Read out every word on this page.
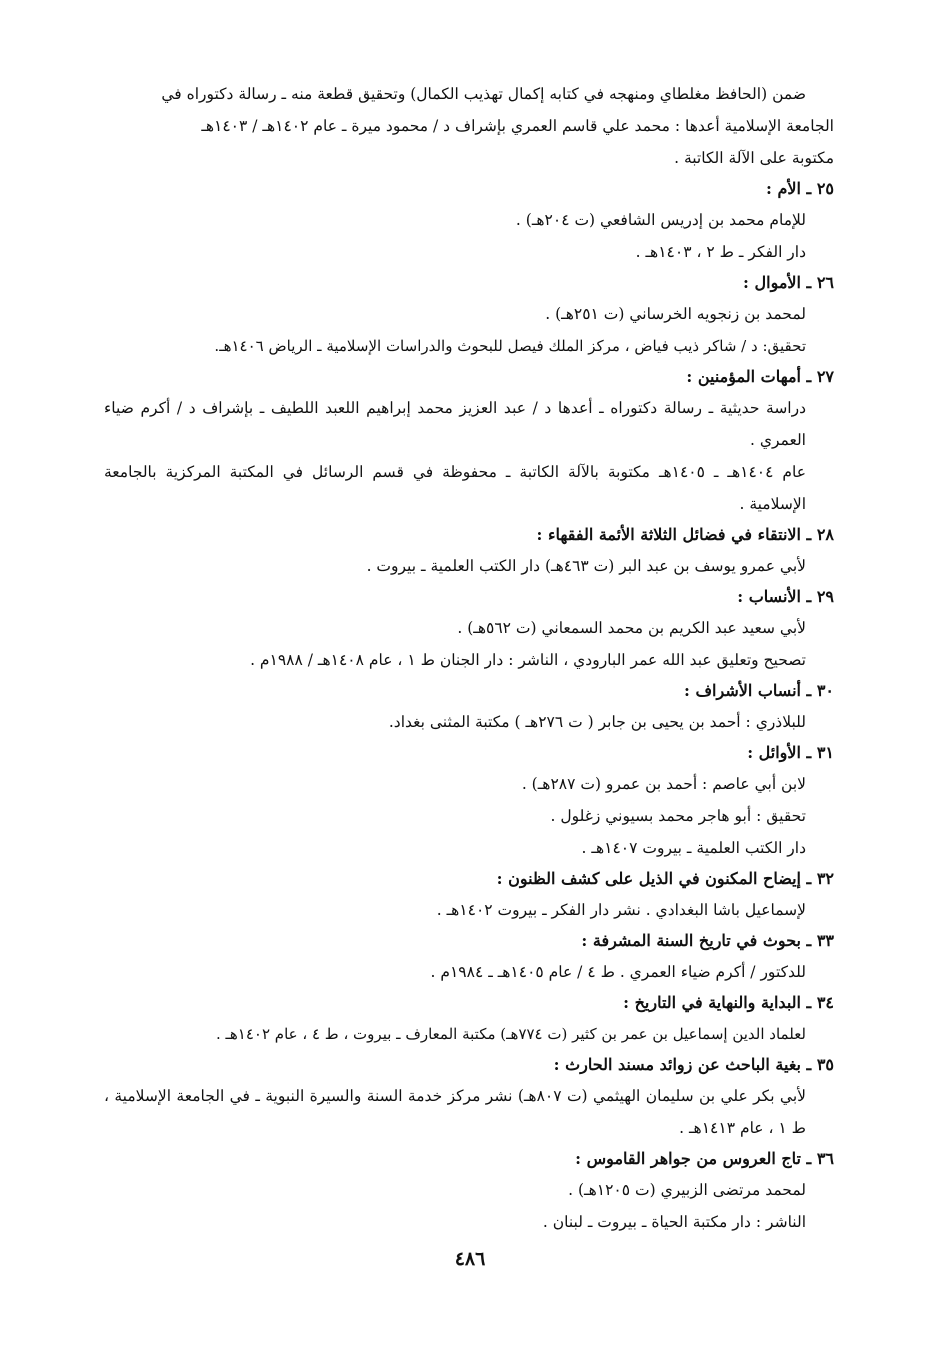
ضمن (الحافظ مغلطاي ومنهجه في كتابه إكمال تهذيب الكمال) وتحقيق قطعة منه ـ رسالة دكتوراه في
الجامعة الإسلامية أعدها : محمد علي قاسم العمري بإشراف د / محمود ميرة ـ عام ١٤٠٢هـ / ١٤٠٣هـ
مكتوبة على الآلة الكاتبة .
٢٥ ـ الأم :
للإمام محمد بن إدريس الشافعي (ت ٢٠٤هـ) .
دار الفكر ـ ط ٢ ، ١٤٠٣هـ .
٢٦ ـ الأموال :
لمحمد بن زنجويه الخرساني (ت ٢٥١هـ) .
تحقيق: د / شاكر ذيب فياض ، مركز الملك فيصل للبحوث والدراسات الإسلامية ـ الرياض ١٤٠٦هـ.
٢٧ ـ أمهات المؤمنين :
دراسة حديثية ـ رسالة دكتوراه ـ أعدها د / عبد العزيز محمد إبراهيم اللعبد اللطيف ـ بإشراف د / أكرم ضياء العمري .
عام ١٤٠٤هـ ـ ١٤٠٥هـ مكتوبة بالآلة الكاتبة ـ محفوظة في قسم الرسائل في المكتبة المركزية بالجامعة الإسلامية .
٢٨ ـ الانتقاء في فضائل الثلاثة الأئمة الفقهاء :
لأبي عمرو يوسف بن عبد البر (ت ٤٦٣هـ) دار الكتب العلمية ـ بيروت .
٢٩ ـ الأنساب :
لأبي سعيد عبد الكريم بن محمد السمعاني (ت ٥٦٢هـ) .
تصحيح وتعليق عبد الله عمر البارودي ، الناشر : دار الجنان ط ١ ، عام ١٤٠٨هـ / ١٩٨٨م .
٣٠ ـ أنساب الأشراف :
للبلاذري : أحمد بن يحيى بن جابر ( ت ٢٧٦هـ ) مكتبة المثنى بغداد.
٣١ ـ الأوائل :
لابن أبي عاصم : أحمد بن عمرو (ت ٢٨٧هـ) .
تحقيق : أبو هاجر محمد بسيوني زغلول .
دار الكتب العلمية ـ بيروت ١٤٠٧هـ .
٣٢ ـ إيضاح المكنون في الذيل على كشف الظنون :
لإسماعيل باشا البغدادي . نشر دار الفكر ـ بيروت ١٤٠٢هـ .
٣٣ ـ بحوث في تاريخ السنة المشرفة :
للدكتور / أكرم ضياء العمري . ط ٤ / عام ١٤٠٥هـ ـ ١٩٨٤م .
٣٤ ـ البداية والنهاية في التاريخ :
لعلماد الدين إسماعيل بن عمر بن كثير (ت ٧٧٤هـ) مكتبة المعارف ـ بيروت ، ط ٤ ، عام ١٤٠٢هـ .
٣٥ ـ بغية الباحث عن زوائد مسند الحارث :
لأبي بكر علي بن سليمان الهيثمي (ت ٨٠٧هـ) نشر مركز خدمة السنة والسيرة النبوية ـ في الجامعة الإسلامية ، ط ١ ، عام ١٤١٣هـ .
٣٦ ـ تاج العروس من جواهر القاموس :
لمحمد مرتضى الزبيري (ت ١٢٠٥هـ) .
الناشر : دار مكتبة الحياة ـ بيروت ـ لبنان .
٤٨٦
